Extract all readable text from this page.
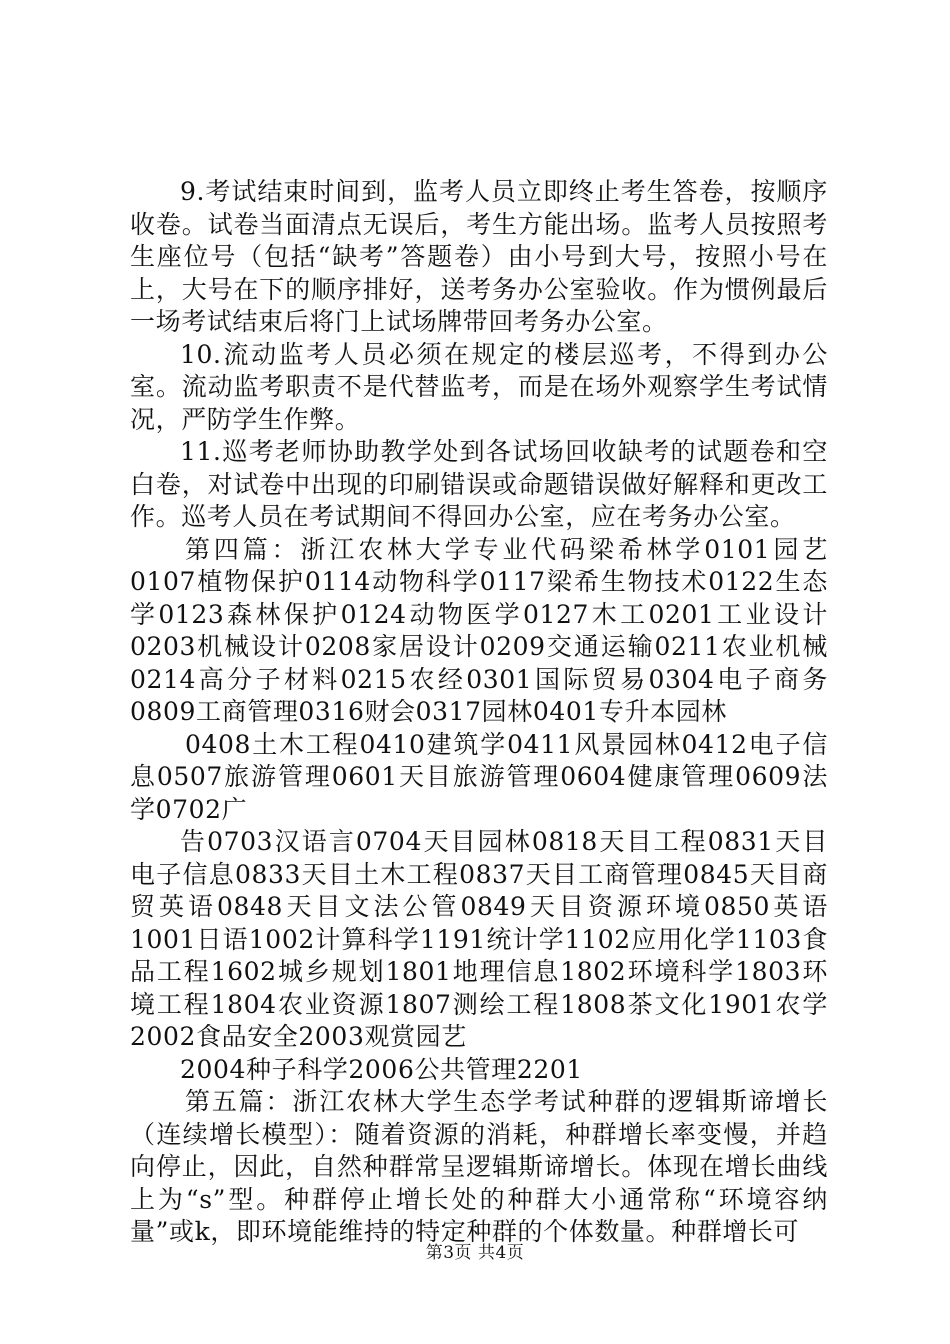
9.考试结束时间到，监考人员立即终止考生答卷，按顺序收卷。试卷当面清点无误后，考生方能出场。监考人员按照考生座位号（包括“缺考”答题卷）由小号到大号，按照小号在上，大号在下的顺序排好，送考务办公室验收。作为惯例最后一场考试结束后将门上试场牌带回考务办公室。

10.流动监考人员必须在规定的楼层巡考，不得到办公室。流动监考职责不是代替监考，而是在场外观察学生考试情况，严防学生作弊。

11.巡考老师协助教学处到各试场回收缺考的试题卷和空白卷，对试卷中出现的印刷错误或命题错误做好解释和更改工作。巡考人员在考试期间不得回办公室，应在考务办公室。

第四篇：浙江农林大学专业代码梁希林学0101园艺0107植物保护0114动物科学0117梁希生物技术0122生态学0123森林保护0124动物医学0127木工0201工业设计0203机械设计0208家居设计0209交通运输0211农业机械0214高分子材料0215农经0301国际贸易0304电子商务0809工商管理0316财会0317园林0401专升本园林

0408土木工程0410建筑学0411风景园林0412电子信息0507旅游管理0601天目旅游管理0604健康管理0609法学0702广

告0703汉语言0704天目园林0818天目工程0831天目电子信息0833天目土木工程0837天目工商管理0845天目商贸英语0848天目文法公管0849天目资源环境0850英语1001日语1002计算科学1191统计学1102应用化学1103食品工程1602城乡规划1801地理信息1802环境科学1803环境工程1804农业资源1807测绘工程1808茶文化1901农学2002食品安全2003观赏园艺

2004种子科学2006公共管理2201

第五篇：浙江农林大学生态学考试种群的逻辑斯谛增长（连续增长模型）：随着资源的消耗，种群增长率变慢，并趋向停止，因此，自然种群常呈逻辑斯谛增长。体现在增长曲线上为“s”型。种群停止增长处的种群大小通常称“环境容纳量”或k，即环境能维持的特定种群的个体数量。种群增长可

第3页 共4页
